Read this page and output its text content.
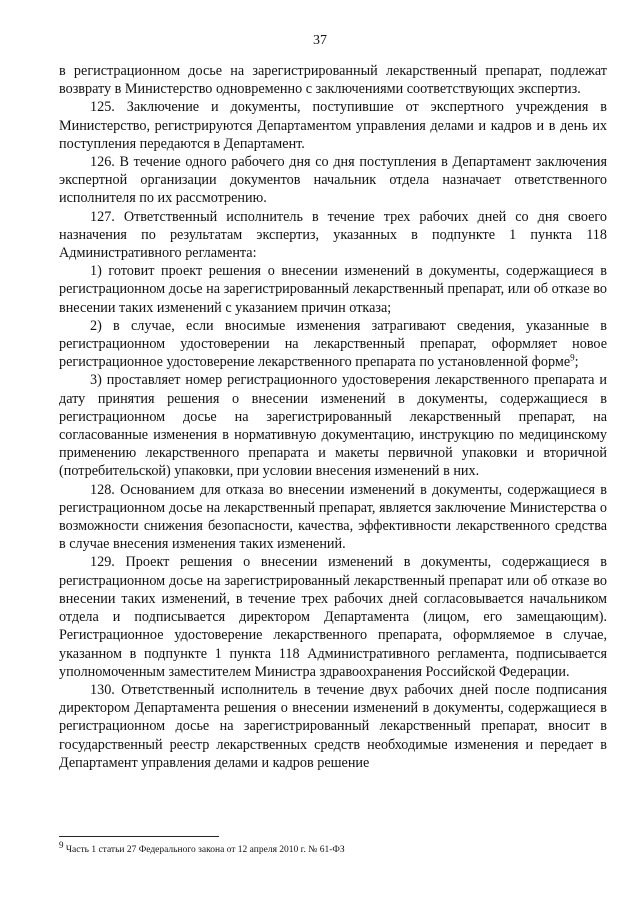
37

в регистрационном досье на зарегистрированный лекарственный препарат, подлежат возврату в Министерство одновременно с заключениями соответствующих экспертиз.

125. Заключение и документы, поступившие от экспертного учреждения в Министерство, регистрируются Департаментом управления делами и кадров и в день их поступления передаются в Департамент.

126. В течение одного рабочего дня со дня поступления в Департамент заключения экспертной организации документов начальник отдела назначает ответственного исполнителя по их рассмотрению.

127. Ответственный исполнитель в течение трех рабочих дней со дня своего назначения по результатам экспертиз, указанных в подпункте 1 пункта 118 Административного регламента:

1) готовит проект решения о внесении изменений в документы, содержащиеся в регистрационном досье на зарегистрированный лекарственный препарат, или об отказе во внесении таких изменений с указанием причин отказа;

2) в случае, если вносимые изменения затрагивают сведения, указанные в регистрационном удостоверении на лекарственный препарат, оформляет новое регистрационное удостоверение лекарственного препарата по установленной форме$^9$;

3) проставляет номер регистрационного удостоверения лекарственного препарата и дату принятия решения о внесении изменений в документы, содержащиеся в регистрационном досье на зарегистрированный лекарственный препарат, на согласованные изменения в нормативную документацию, инструкцию по медицинскому применению лекарственного препарата и макеты первичной упаковки и вторичной (потребительской) упаковки, при условии внесения изменений в них.

128. Основанием для отказа во внесении изменений в документы, содержащиеся в регистрационном досье на лекарственный препарат, является заключение Министерства о возможности снижения безопасности, качества, эффективности лекарственного средства в случае внесения изменения таких изменений.

129. Проект решения о внесении изменений в документы, содержащиеся в регистрационном досье на зарегистрированный лекарственный препарат или об отказе во внесении таких изменений, в течение трех рабочих дней согласовывается начальником отдела и подписывается директором Департамента (лицом, его замещающим). Регистрационное удостоверение лекарственного препарата, оформляемое в случае, указанном в подпункте 1 пункта 118 Административного регламента, подписывается уполномоченным заместителем Министра здравоохранения Российской Федерации.

130. Ответственный исполнитель в течение двух рабочих дней после подписания директором Департамента решения о внесении изменений в документы, содержащиеся в регистрационном досье на зарегистрированный лекарственный препарат, вносит в государственный реестр лекарственных средств необходимые изменения и передает в Департамент управления делами и кадров решение

$^9$ Часть 1 статьи 27 Федерального закона от 12 апреля 2010 г. № 61-ФЗ
